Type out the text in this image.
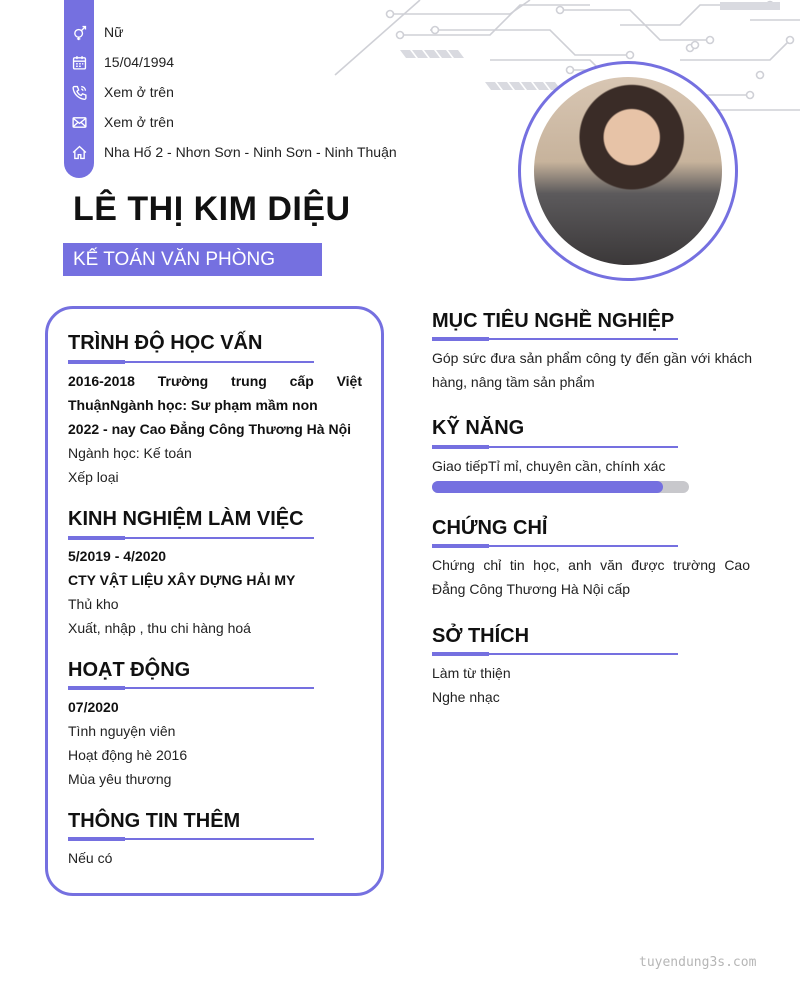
Nữ
15/04/1994
Xem ở trên
Xem ở trên
Nha Hố 2 - Nhơn Sơn - Ninh Sơn - Ninh Thuận
LÊ THỊ KIM DIỆU
KẾ TOÁN VĂN PHÒNG
TRÌNH ĐỘ HỌC VẤN
2016-2018 Trường trung cấp Việt
ThuậnNgành học: Sư phạm mầm non
2022 - nay Cao Đẳng Công Thương Hà Nội
Ngành học: Kế toán
Xếp loại
KINH NGHIỆM LÀM VIỆC
5/2019 - 4/2020
CTY VẬT LIỆU XÂY DỰNG HẢI MY
Thủ kho
Xuất, nhập , thu chi hàng hoá
HOẠT ĐỘNG
07/2020
Tình nguyện viên
Hoạt động hè 2016
Mùa yêu thương
THÔNG TIN THÊM
Nếu có
MỤC TIÊU NGHỀ NGHIỆP
Góp sức đưa sản phẩm công ty đến gần với khách hàng, nâng tầm sản phẩm
KỸ NĂNG
Giao tiếpTỉ mỉ, chuyên cần, chính xác
CHỨNG CHỈ
Chứng chỉ tin học, anh văn được trường Cao Đẳng Công Thương Hà Nội cấp
SỞ THÍCH
Làm từ thiện
Nghe nhạc
tuyendung3s.com
